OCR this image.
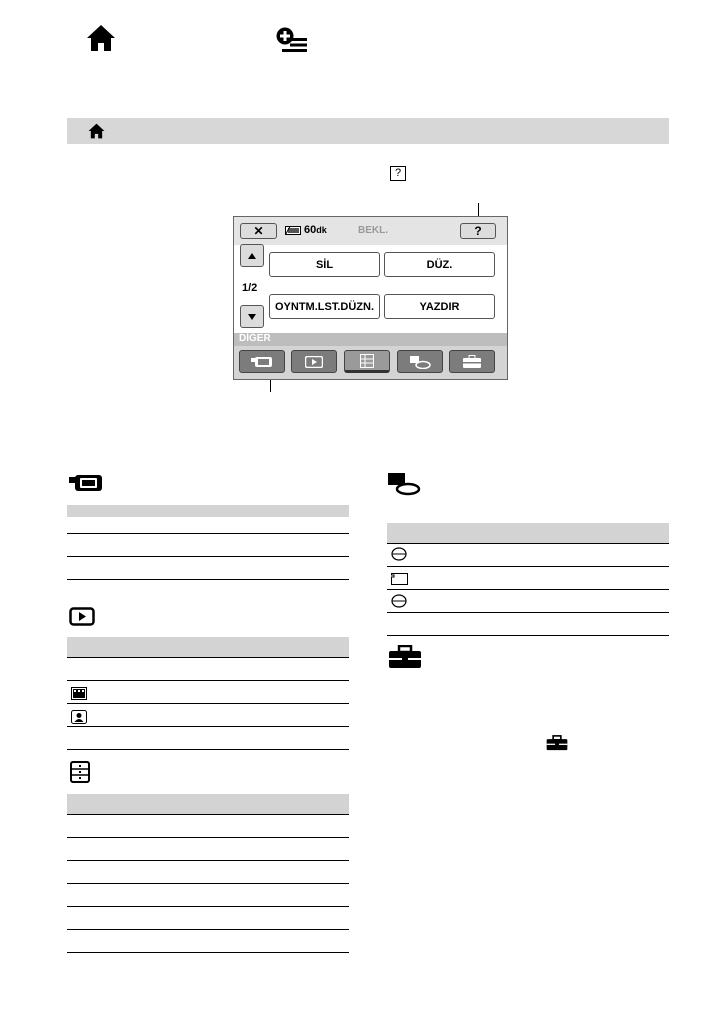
?
✕	60dk	BEKL.	?
1/2
SİL	DÜZ.
OYNTM.LST.DÜZN.	YAZDIR
DİĞER
